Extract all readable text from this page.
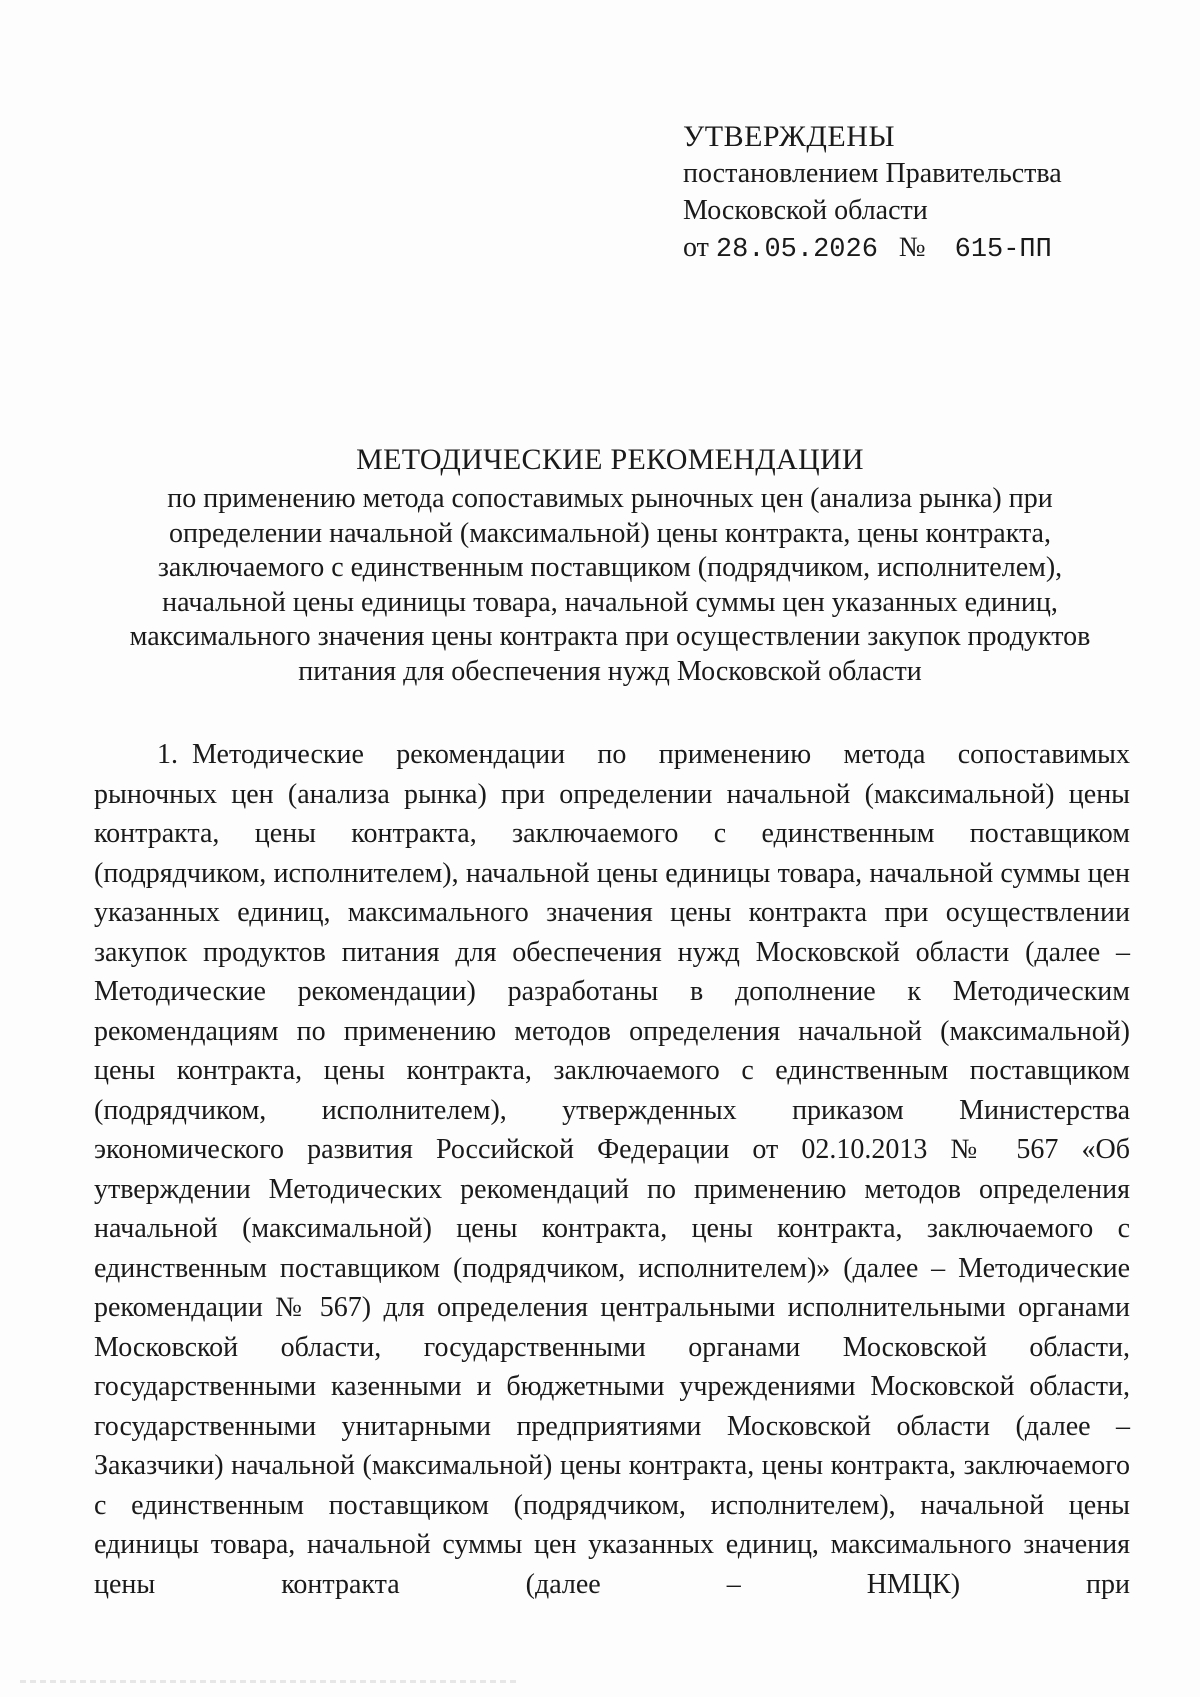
УТВЕРЖДЕНЫ
постановлением Правительства
Московской области
от 28.05.2026 № 615-ПП
МЕТОДИЧЕСКИЕ РЕКОМЕНДАЦИИ
по применению метода сопоставимых рыночных цен (анализа рынка) при определении начальной (максимальной) цены контракта, цены контракта, заключаемого с единственным поставщиком (подрядчиком, исполнителем), начальной цены единицы товара, начальной суммы цен указанных единиц, максимального значения цены контракта при осуществлении закупок продуктов питания для обеспечения нужд Московской области
1. Методические рекомендации по применению метода сопоставимых рыночных цен (анализа рынка) при определении начальной (максимальной) цены контракта, цены контракта, заключаемого с единственным поставщиком (подрядчиком, исполнителем), начальной цены единицы товара, начальной суммы цен указанных единиц, максимального значения цены контракта при осуществлении закупок продуктов питания для обеспечения нужд Московской области (далее – Методические рекомендации) разработаны в дополнение к Методическим рекомендациям по применению методов определения начальной (максимальной) цены контракта, цены контракта, заключаемого с единственным поставщиком (подрядчиком, исполнителем), утвержденных приказом Министерства экономического развития Российской Федерации от 02.10.2013 № 567 «Об утверждении Методических рекомендаций по применению методов определения начальной (максимальной) цены контракта, цены контракта, заключаемого с единственным поставщиком (подрядчиком, исполнителем)» (далее – Методические рекомендации № 567) для определения центральными исполнительными органами Московской области, государственными органами Московской области, государственными казенными и бюджетными учреждениями Московской области, государственными унитарными предприятиями Московской области (далее – Заказчики) начальной (максимальной) цены контракта, цены контракта, заключаемого с единственным поставщиком (подрядчиком, исполнителем), начальной цены единицы товара, начальной суммы цен указанных единиц, максимального значения цены контракта (далее – НМЦК) при
